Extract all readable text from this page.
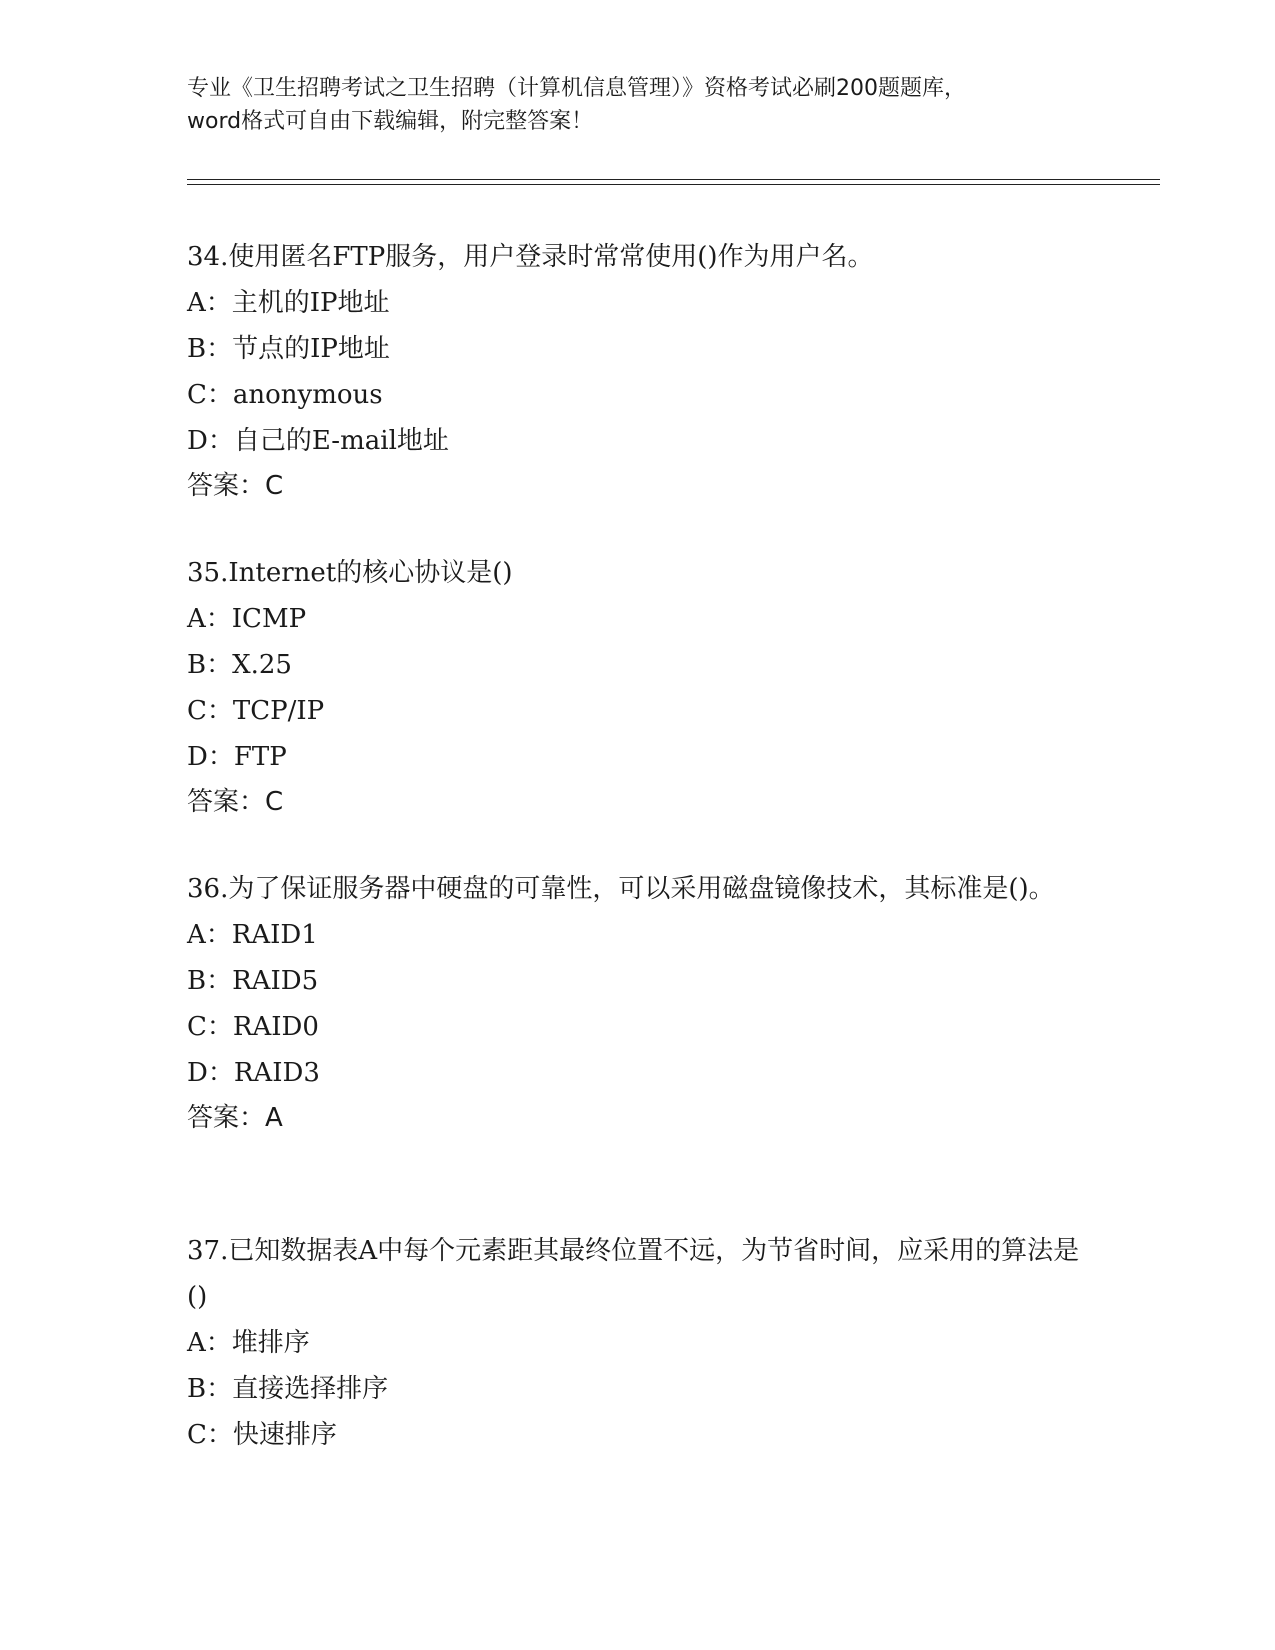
专业《卫生招聘考试之卫生招聘（计算机信息管理）》资格考试必刷200题题库，
word格式可自由下载编辑，附完整答案！
34.使用匿名FTP服务，用户登录时常常使用()作为用户名。
A：主机的IP地址
B：节点的IP地址
C：anonymous
D：自己的E-mail地址
答案：C
35.Internet的核心协议是()
A：ICMP
B：X.25
C：TCP/IP
D：FTP
答案：C
36.为了保证服务器中硬盘的可靠性，可以采用磁盘镜像技术，其标准是()。
A：RAID1
B：RAID5
C：RAID0
D：RAID3
答案：A
37.已知数据表A中每个元素距其最终位置不远，为节省时间，应采用的算法是()
A：堆排序
B：直接选择排序
C：快速排序
